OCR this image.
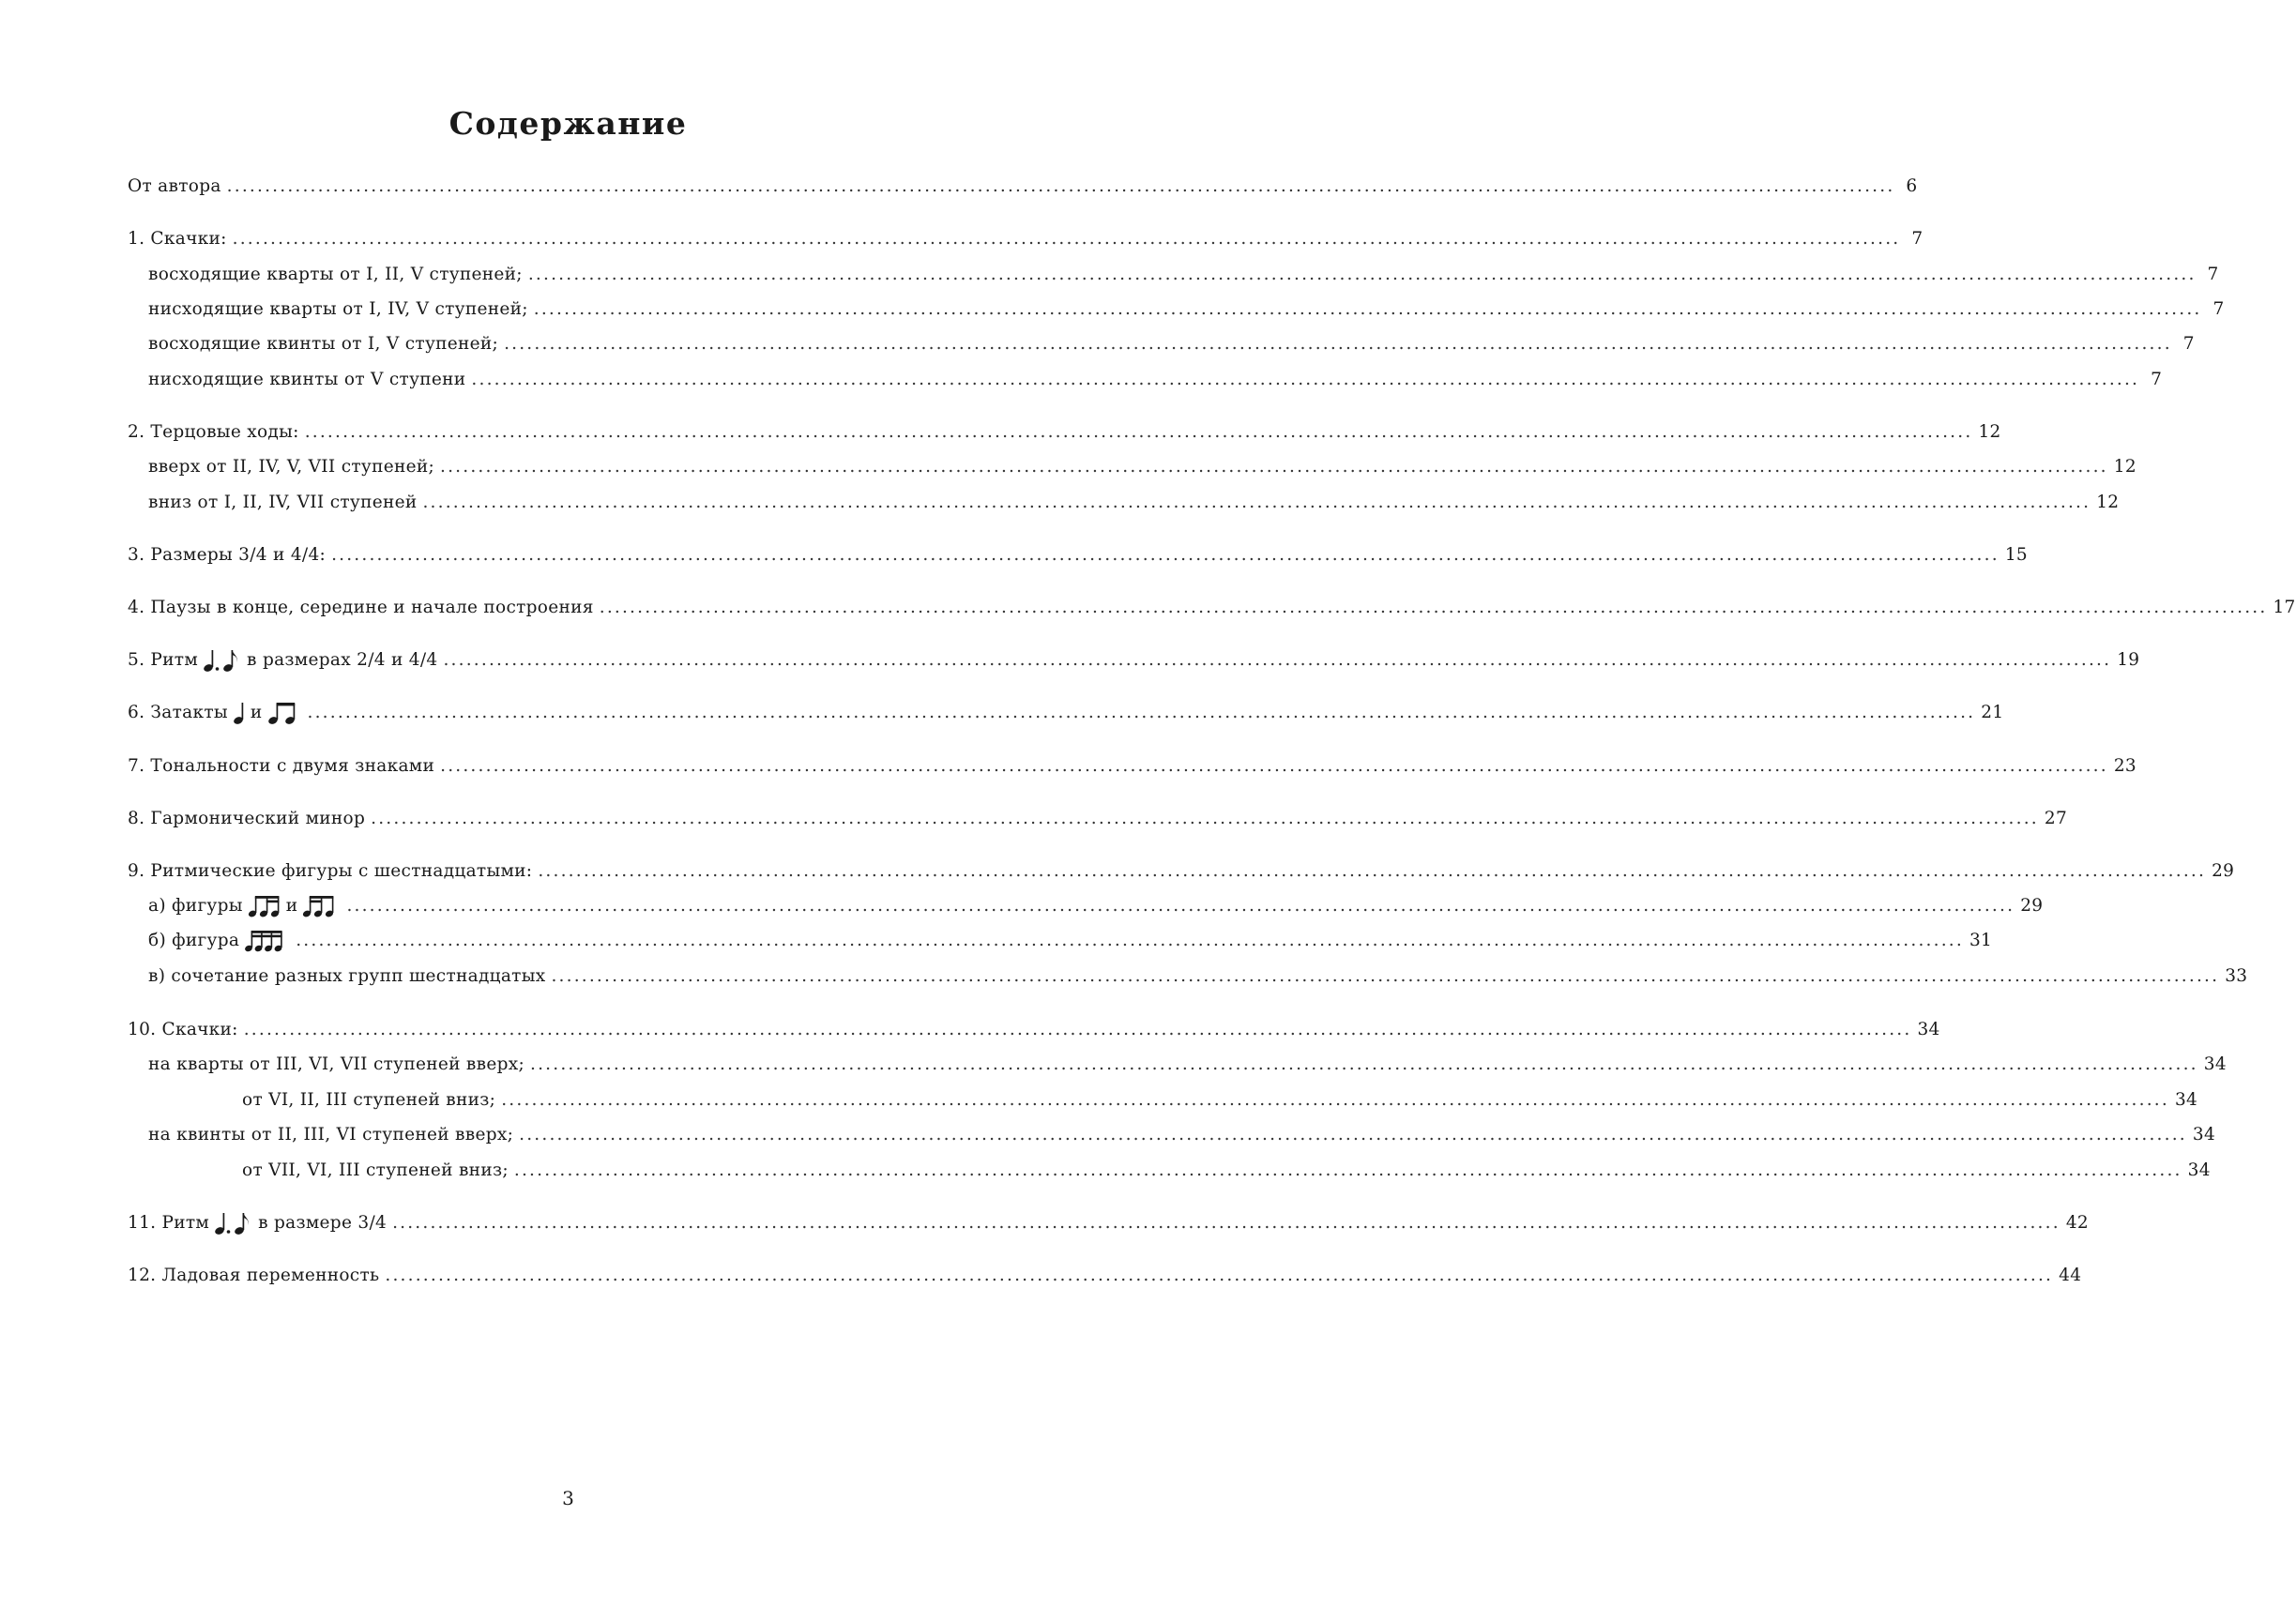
Содержание
От автора ............................................................................................................................................................................................................................ 6
1. Скачки: ............................................................................................................................................................................................................................ 7
восходящие кварты от I, II, V ступеней; ............................................................................................................................................................................................................................ 7
нисходящие кварты от I, IV, V ступеней; ............................................................................................................................................................................................................................ 7
восходящие квинты от I, V ступеней; ............................................................................................................................................................................................................................ 7
нисходящие квинты от V ступени ............................................................................................................................................................................................................................ 7
2. Терцовые ходы: ............................................................................................................................................................................................................................ 12
вверх от II, IV, V, VII ступеней; ............................................................................................................................................................................................................................ 12
вниз от I, II, IV, VII ступеней ............................................................................................................................................................................................................................ 12
3. Размеры 3/4 и 4/4: ............................................................................................................................................................................................................................ 15
4. Паузы в конце, середине и начале построения ............................................................................................................................................................................................................................ 17
5. Ритм	в размерах 2/4 и 4/4 ............................................................................................................................................................................................................................ 19
6. Затакты и	............................................................................................................................................................................................................................ 21
7. Тональности с двумя знаками ............................................................................................................................................................................................................................ 23
8. Гармонический минор ............................................................................................................................................................................................................................ 27
9. Ритмические фигуры с шестнадцатыми: ............................................................................................................................................................................................................................ 29
а) фигуры и	............................................................................................................................................................................................................................ 29
б) фигура	............................................................................................................................................................................................................................ 31
в) сочетание разных групп шестнадцатых ............................................................................................................................................................................................................................ 33
10. Скачки: ............................................................................................................................................................................................................................ 34
на кварты от III, VI, VII ступеней вверх; ............................................................................................................................................................................................................................ 34
от VI, II, III ступеней вниз; ............................................................................................................................................................................................................................ 34
на квинты от II, III, VI ступеней вверх; ............................................................................................................................................................................................................................ 34
от VII, VI, III ступеней вниз; ............................................................................................................................................................................................................................ 34
11. Ритм	в размере 3/4 ............................................................................................................................................................................................................................ 42
12. Ладовая переменность ............................................................................................................................................................................................................................ 44
3
